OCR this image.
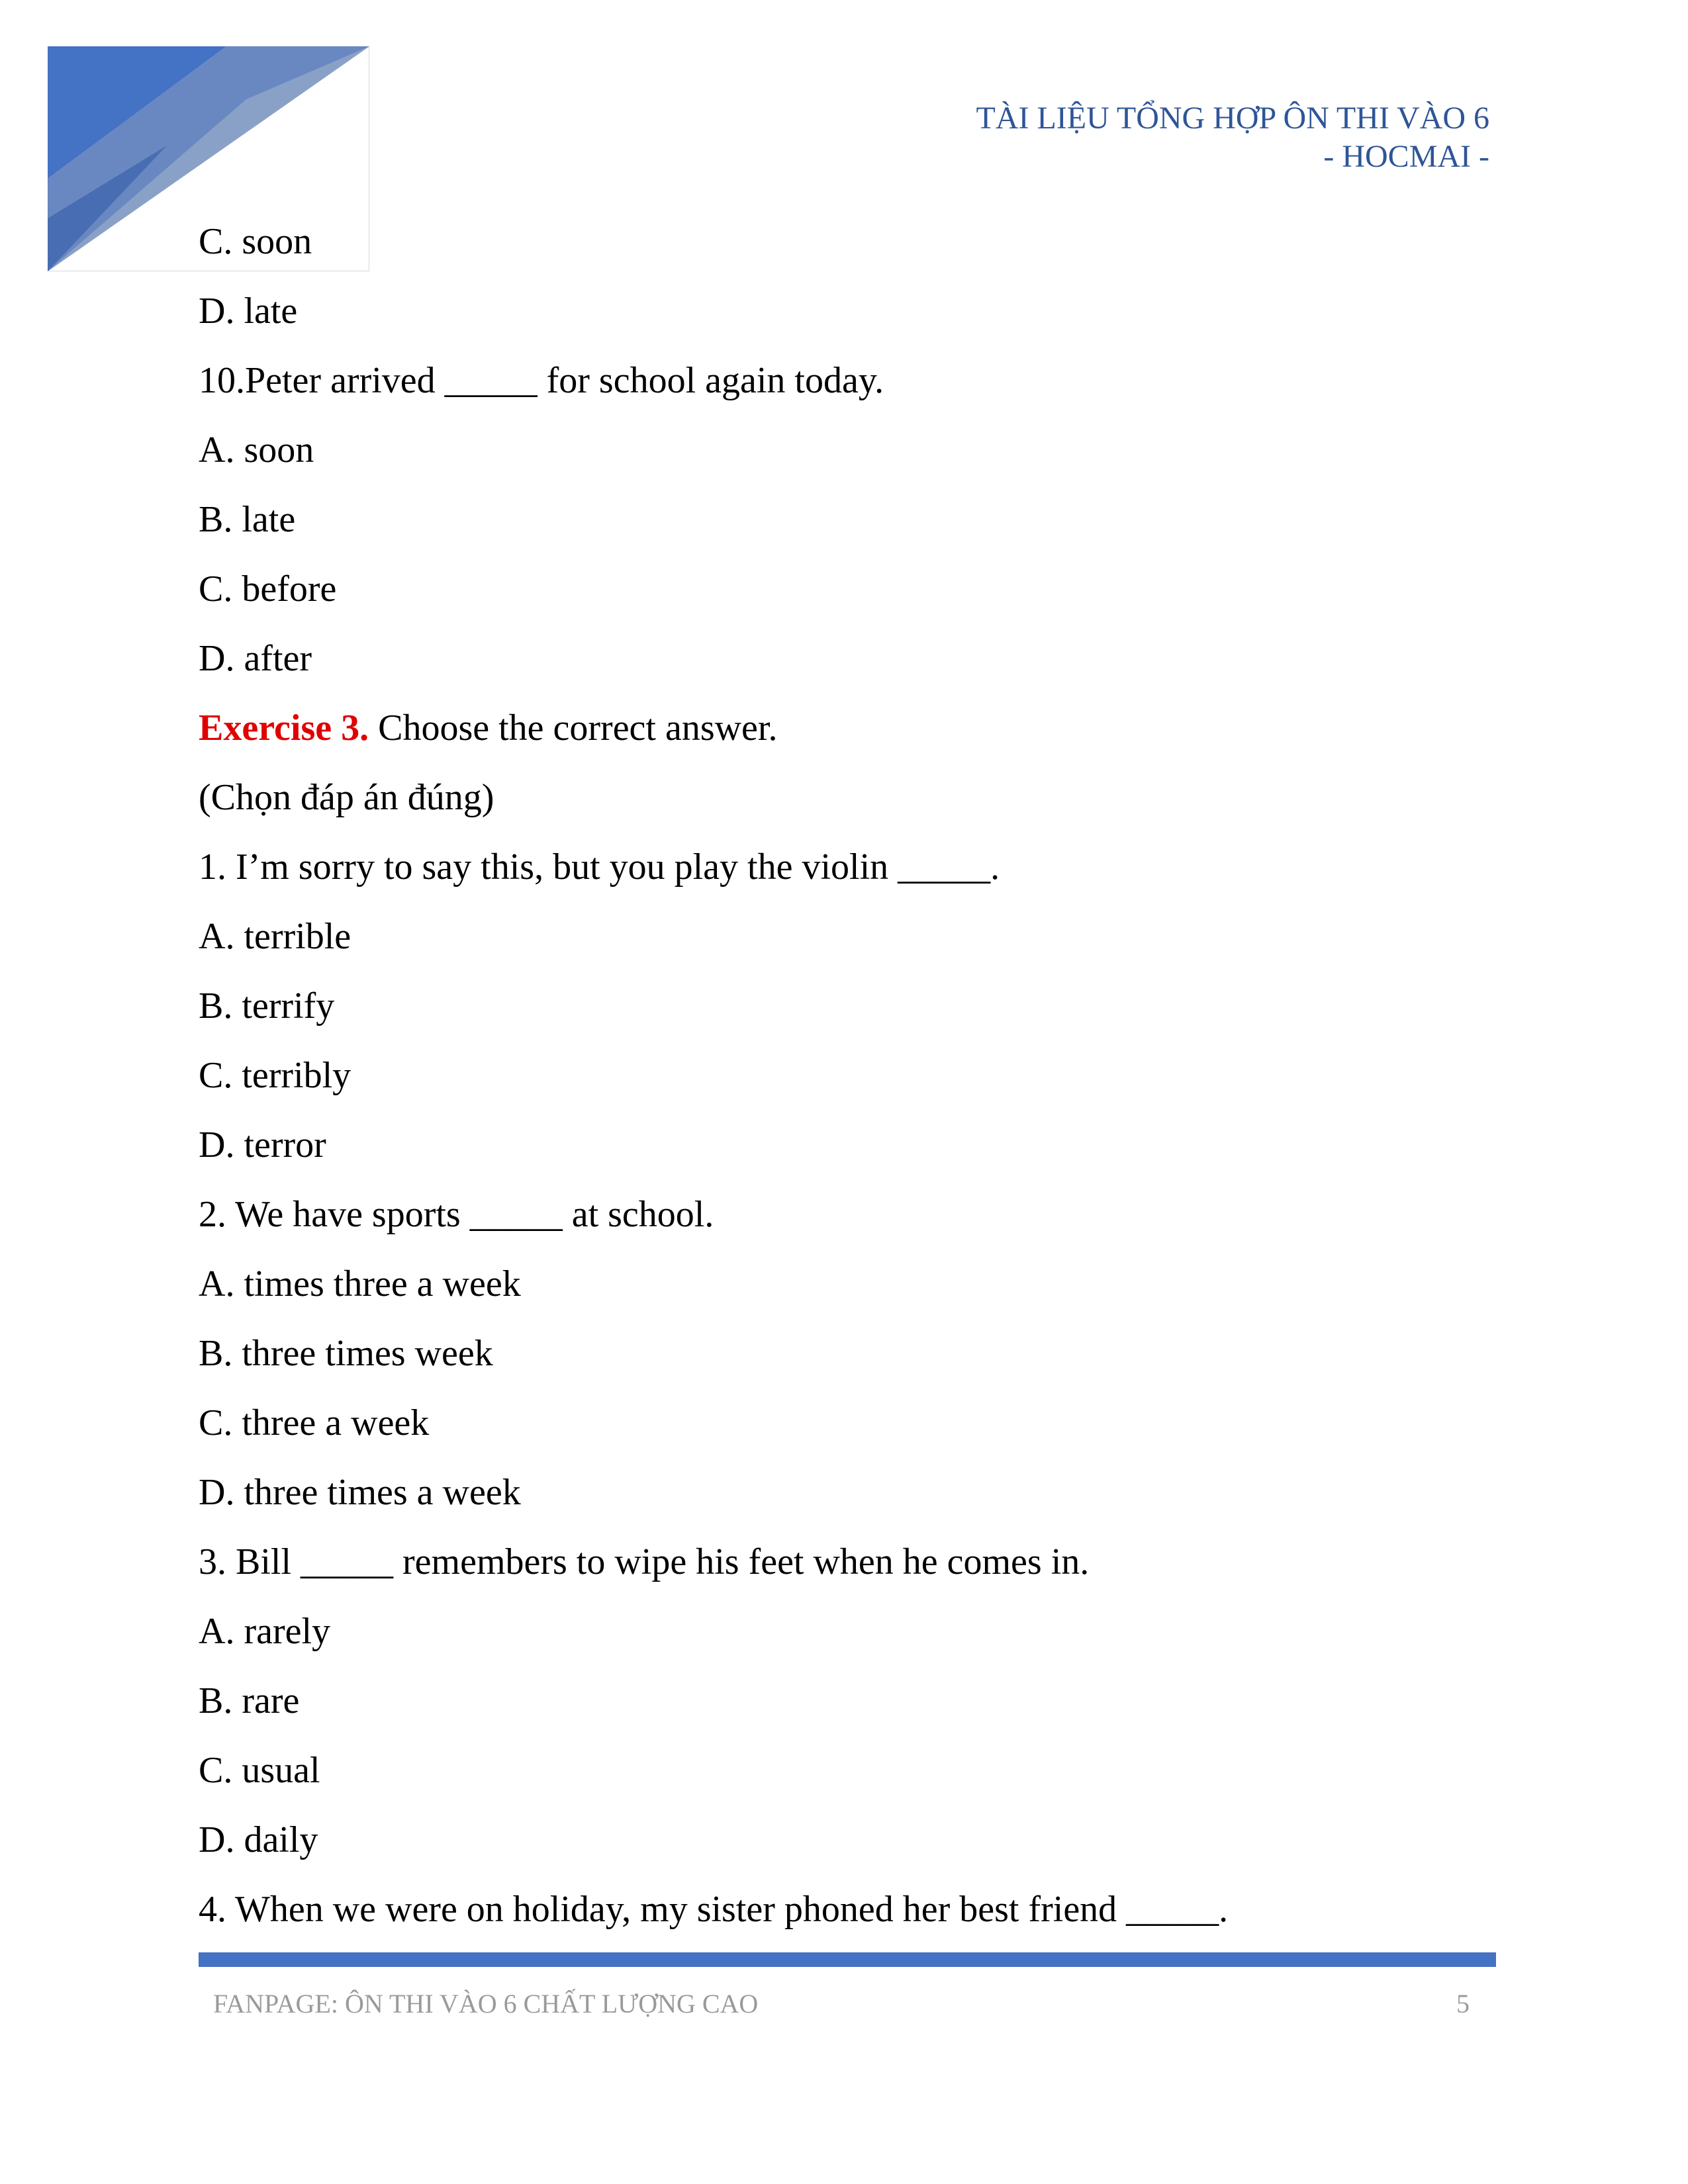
TÀI LIỆU TỔNG HỢP ÔN THI VÀO 6
- HOCMAI -
C. soon
D. late
10.Peter arrived _____ for school again today.
A. soon
B. late
C. before
D. after
Exercise 3. Choose the correct answer.
(Chọn đáp án đúng)
1. I’m sorry to say this, but you play the violin _____.
A. terrible
B. terrify
C. terribly
D. terror
2. We have sports _____ at school.
A. times three a week
B. three times week
C. three a week
D. three times a week
3. Bill _____ remembers to wipe his feet when he comes in.
A. rarely
B. rare
C. usual
D. daily
4. When we were on holiday, my sister phoned her best friend _____.
FANPAGE: ÔN THI VÀO 6 CHẤT LƯỢNG CAO	5
